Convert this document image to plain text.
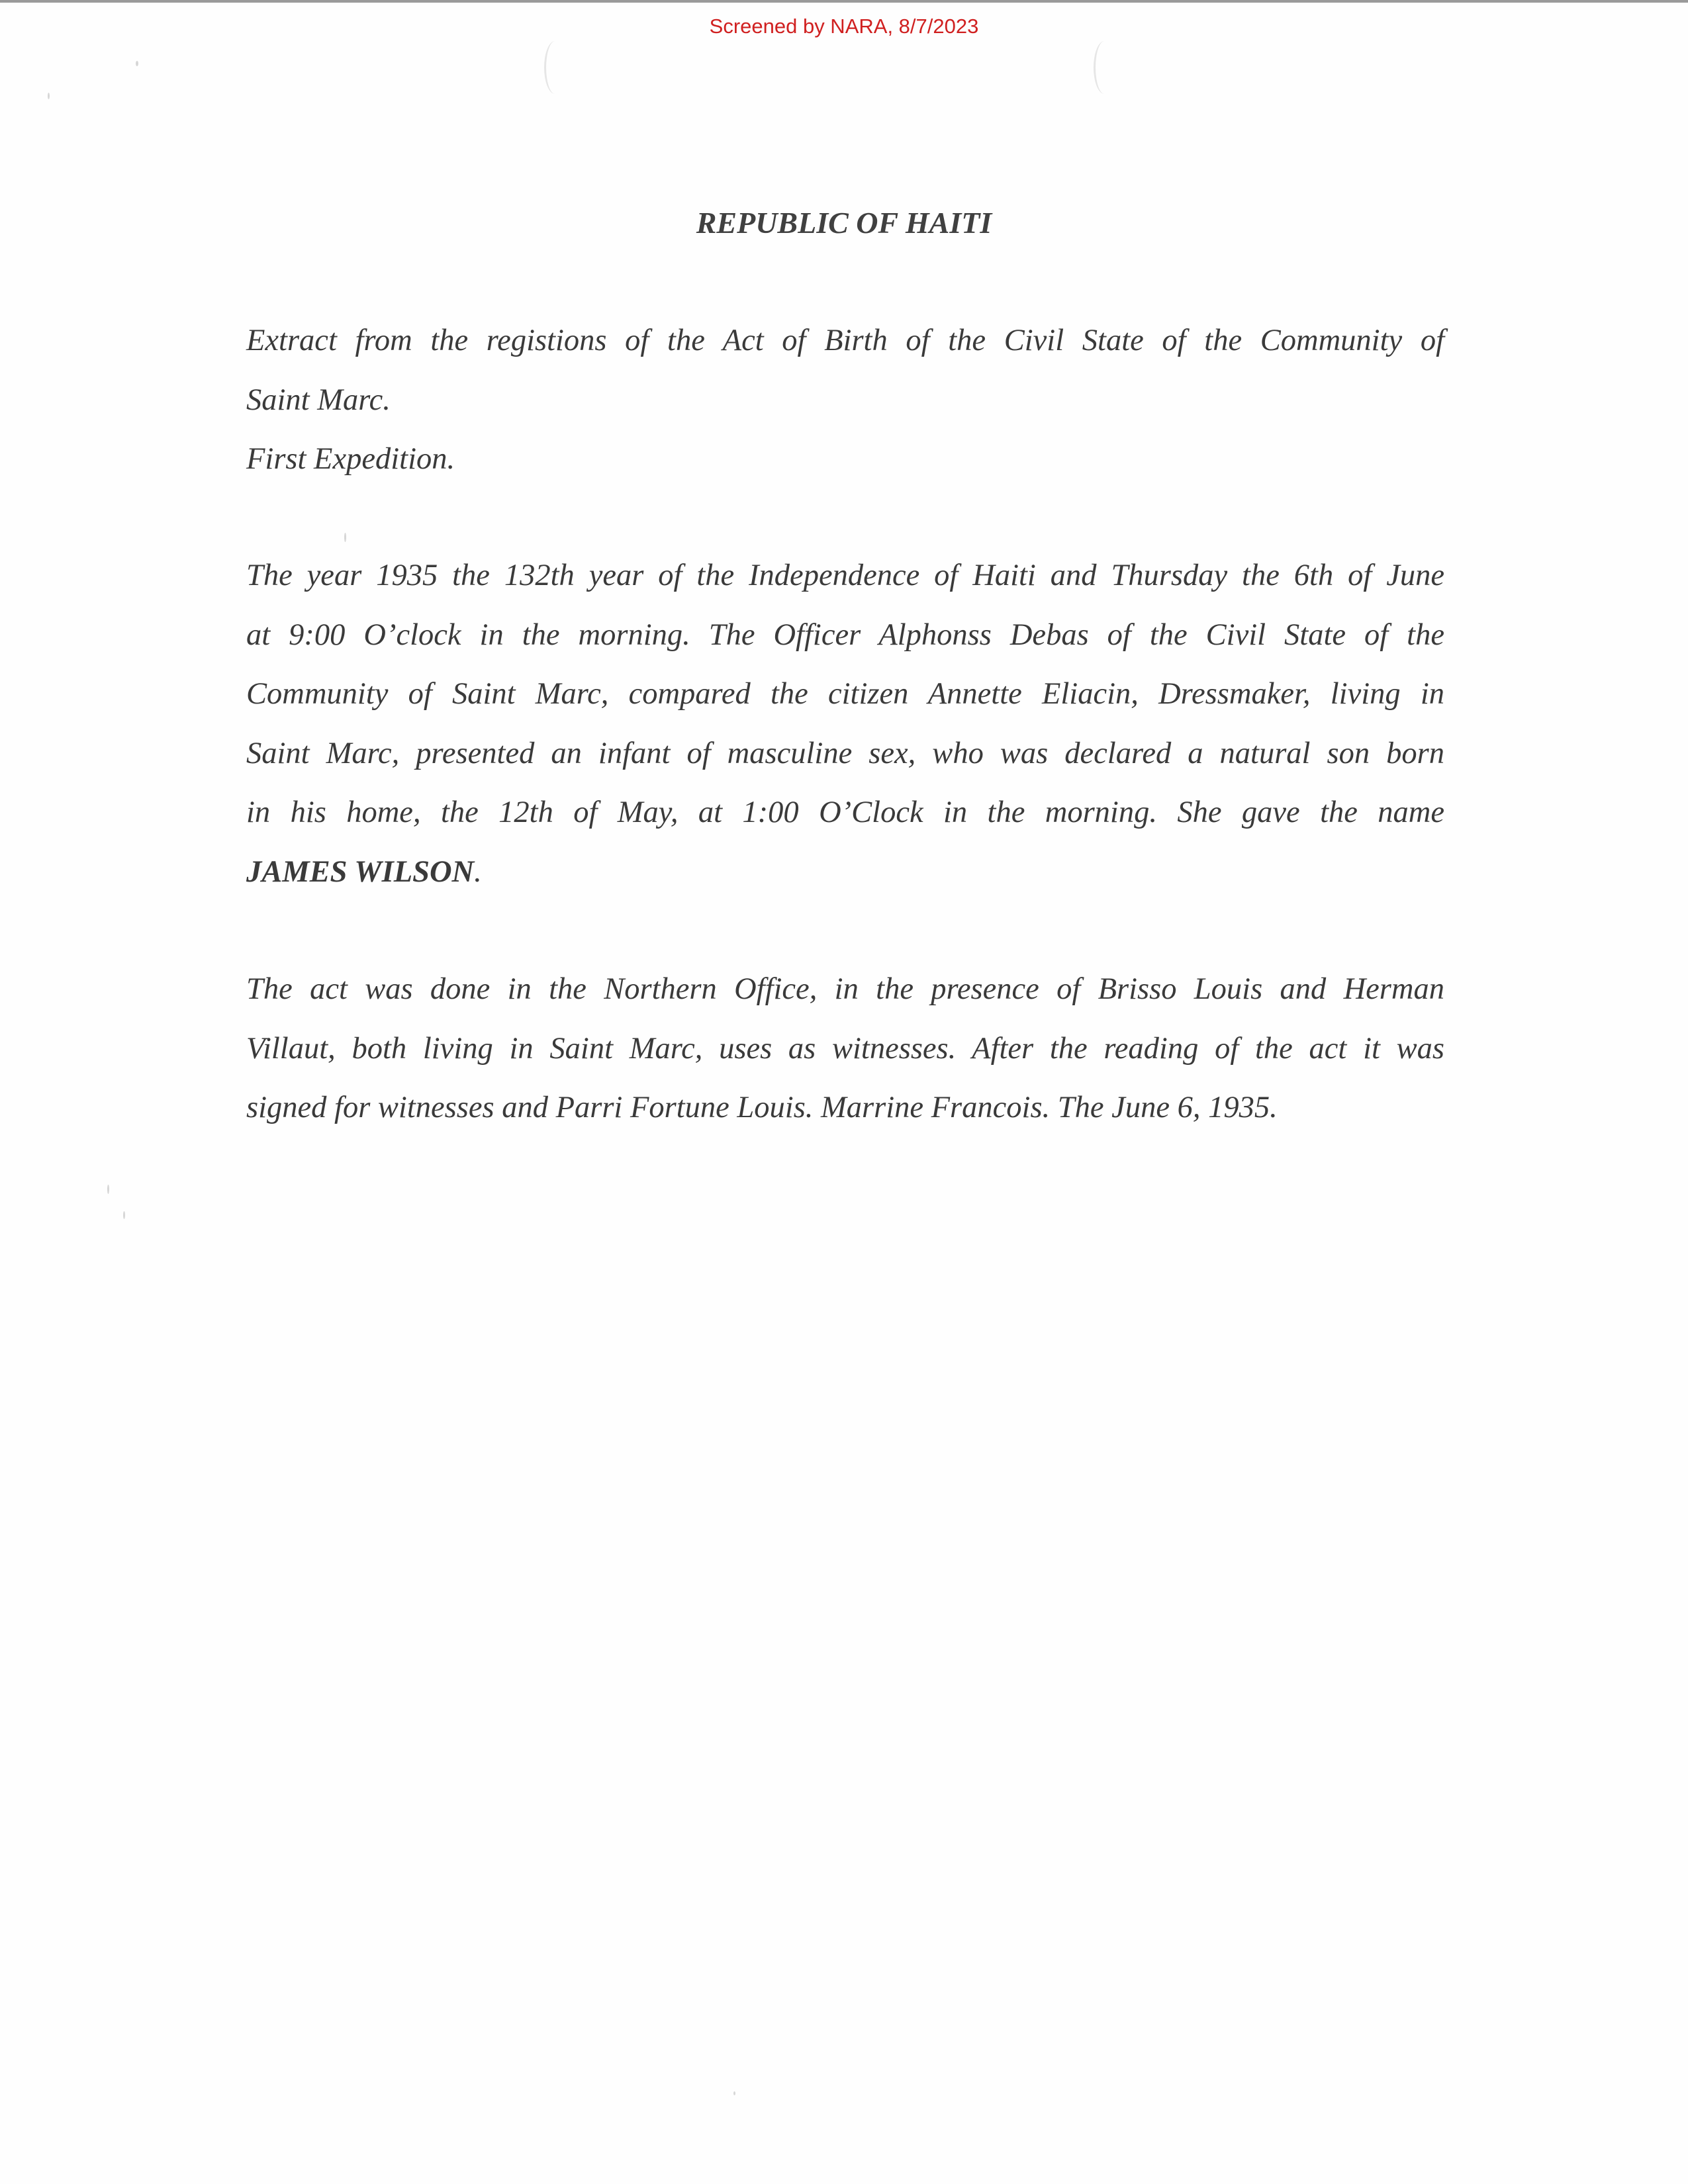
Screened by NARA, 8/7/2023
REPUBLIC OF HAITI
Extract from the registions of the Act of Birth of the Civil State of the Community of
Saint Marc.
First Expedition.
The year 1935 the 132th year of the Independence of Haiti and Thursday the 6th of June
at 9:00 O’clock in the morning. The Officer Alphonss Debas of the Civil State of the
Community of Saint Marc, compared the citizen Annette Eliacin, Dressmaker, living in
Saint Marc, presented an infant of masculine sex, who was declared a natural son born
in his home, the 12th of May, at 1:00 O’Clock in the morning. She gave the name
JAMES WILSON.
The act was done in the Northern Office, in the presence of Brisso Louis and Herman
Villaut, both living in Saint Marc, uses as witnesses. After the reading of the act it was
signed for witnesses and Parri Fortune Louis. Marrine Francois. The June 6, 1935.
